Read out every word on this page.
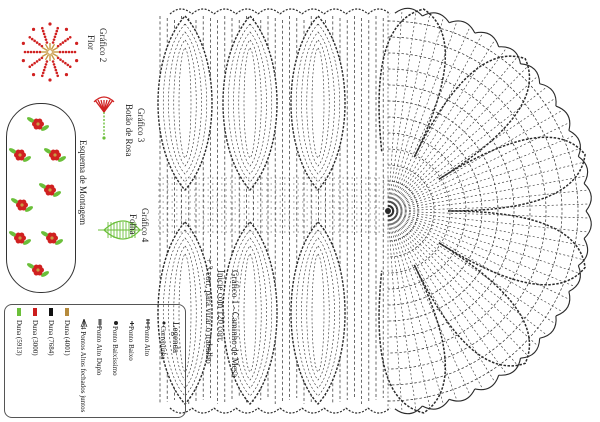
Gráfico 2
Flor
Gráfico 3
Botão de Rosa
Gráfico 4
Folha
Esquema de Montagem
Gráfico 1 - Caminho de Mesa
Inicie com 120 corr.
+ 3 corr. para virar o trabalho
Legenda
Correntinha
Ponto Alto
Ponto Baixo
Ponto Baixíssimo
Ponto Alto Duplo
4 Pontos Altos fechados juntos
Duna (4001)
Duna (7684)
Duna (3000)
Duna (5913)
